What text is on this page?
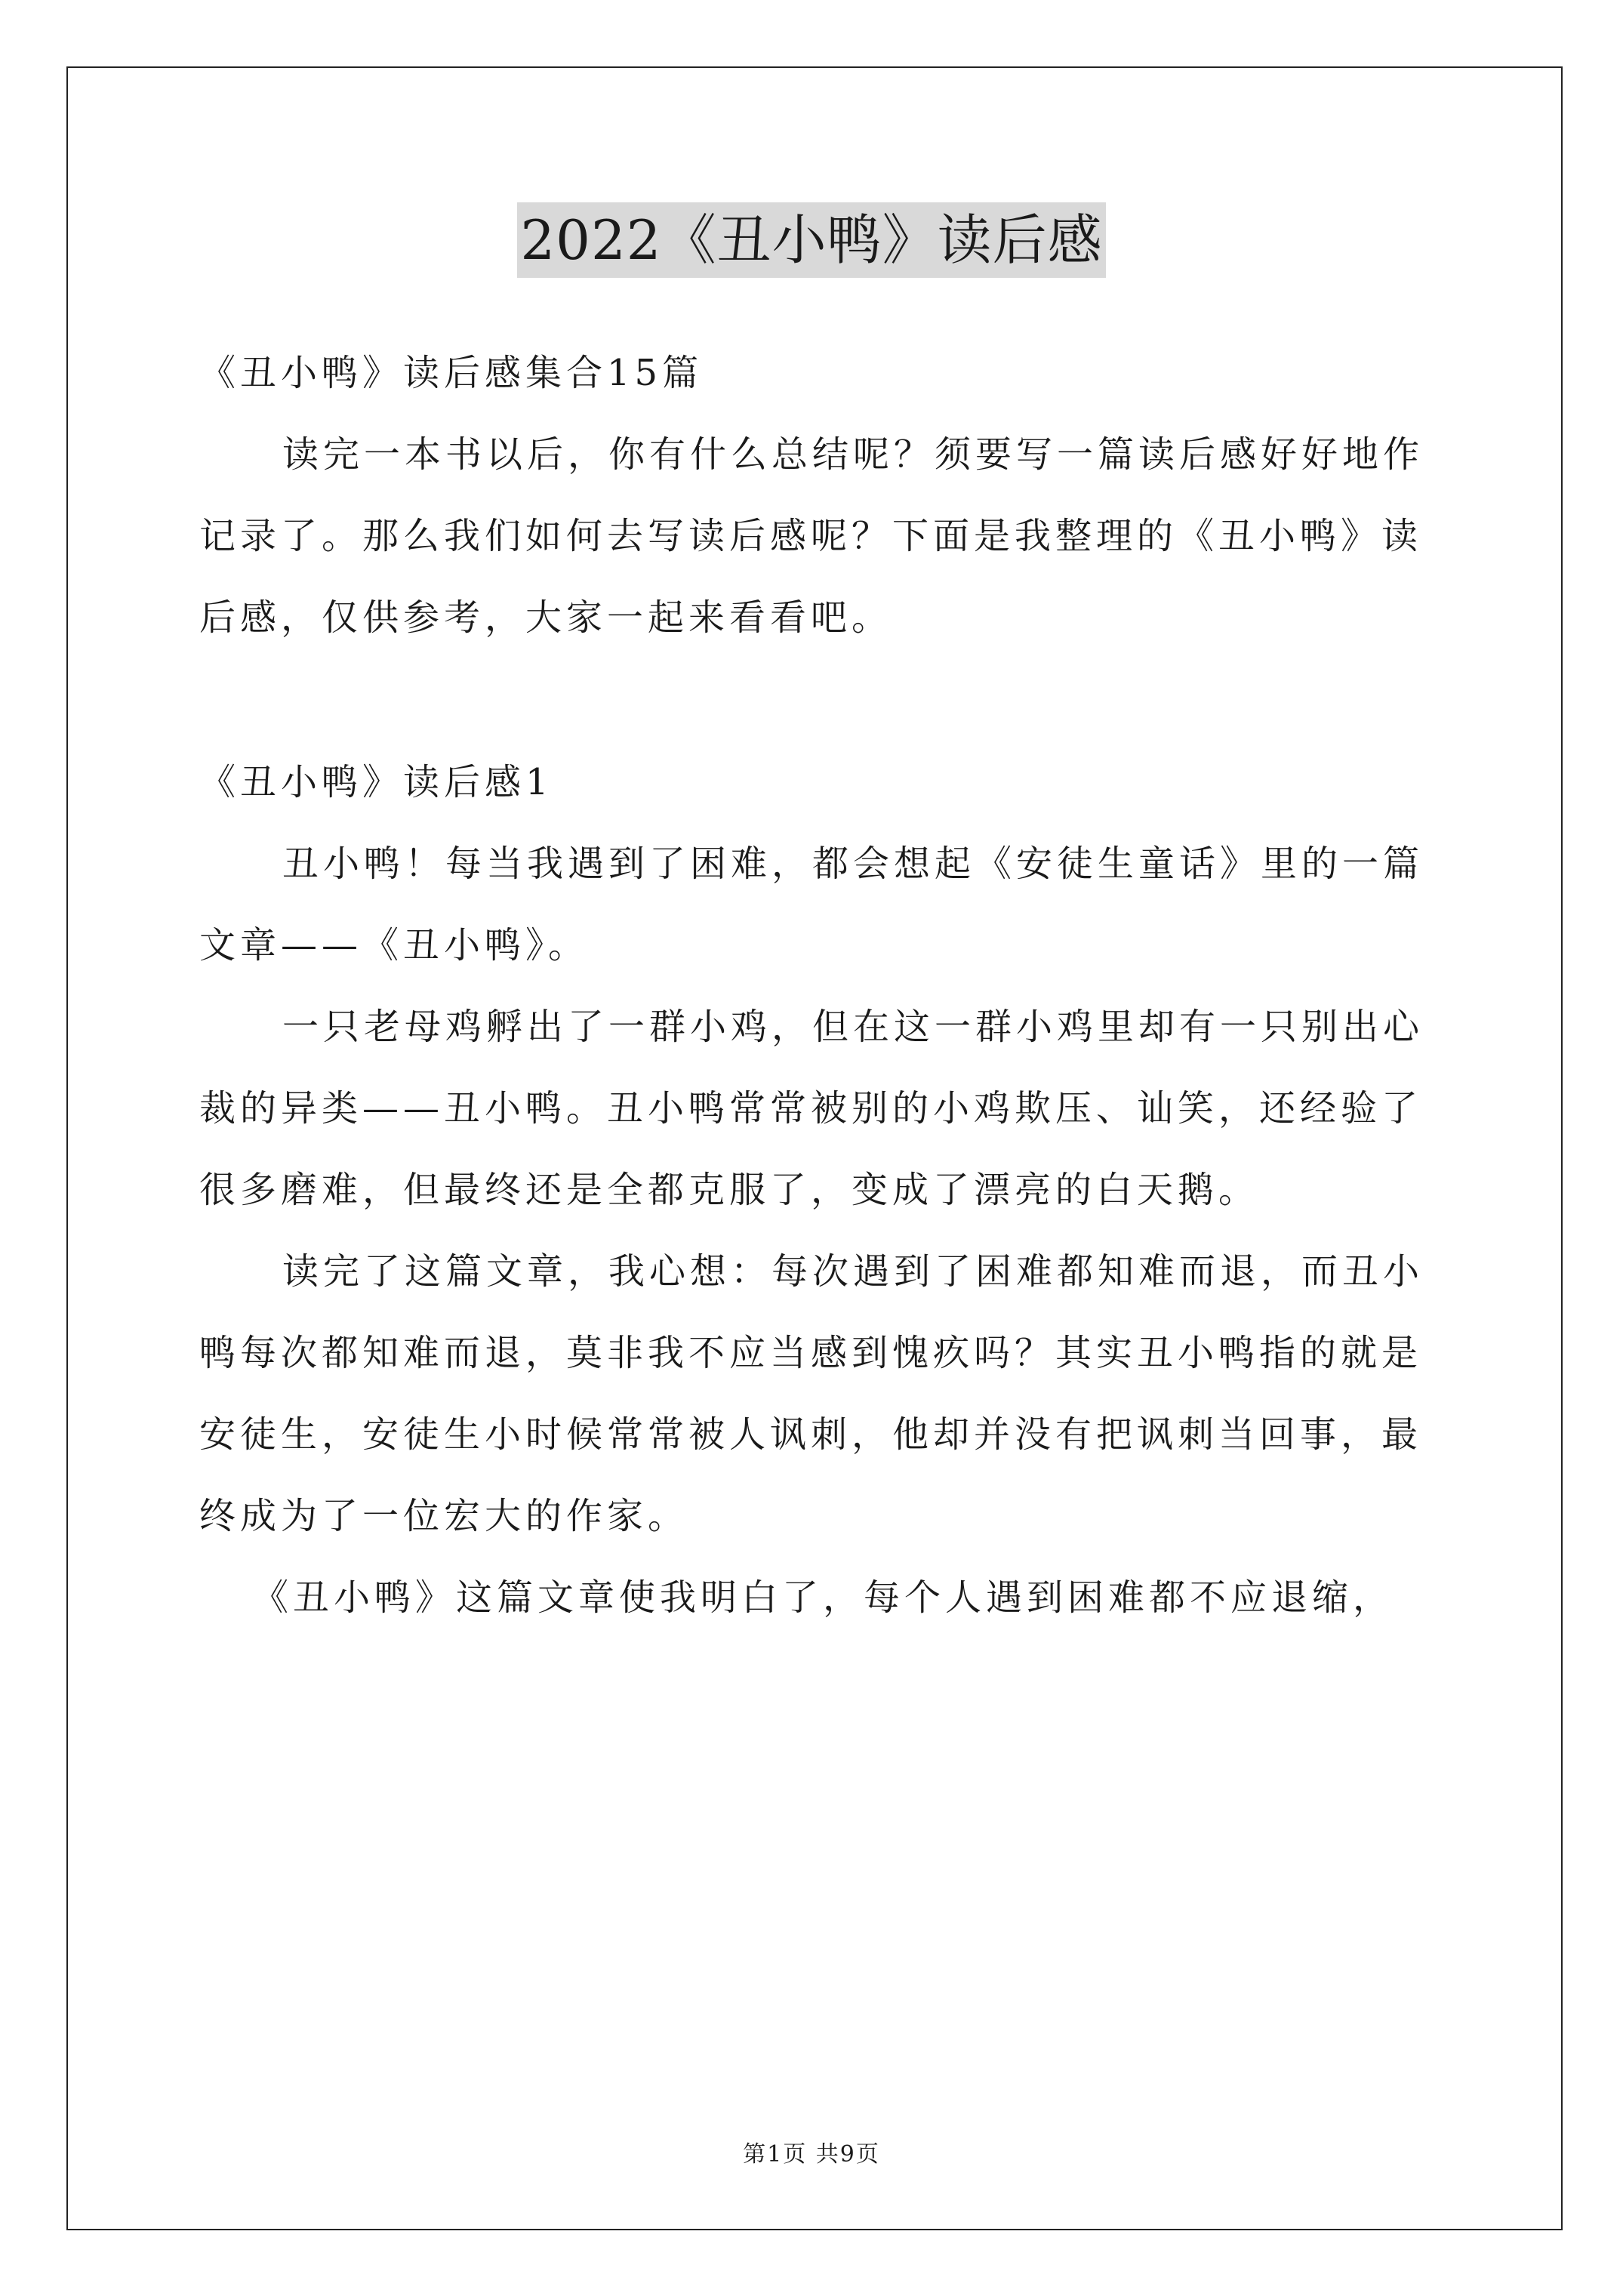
2022《丑小鸭》读后感
《丑小鸭》读后感集合15篇
读完一本书以后，你有什么总结呢？须要写一篇读后感好好地作
记录了。那么我们如何去写读后感呢？下面是我整理的《丑小鸭》读
后感，仅供参考，大家一起来看看吧。
《丑小鸭》读后感1
丑小鸭！每当我遇到了困难，都会想起《安徒生童话》里的一篇
文章——《丑小鸭》。
一只老母鸡孵出了一群小鸡，但在这一群小鸡里却有一只别出心
裁的异类——丑小鸭。丑小鸭常常被别的小鸡欺压、讪笑，还经验了
很多磨难，但最终还是全都克服了，变成了漂亮的白天鹅。
读完了这篇文章，我心想：每次遇到了困难都知难而退，而丑小
鸭每次都知难而退，莫非我不应当感到愧疚吗？其实丑小鸭指的就是
安徒生，安徒生小时候常常被人讽刺，他却并没有把讽刺当回事，最
终成为了一位宏大的作家。
《丑小鸭》这篇文章使我明白了，每个人遇到困难都不应退缩，
第1页 共9页
